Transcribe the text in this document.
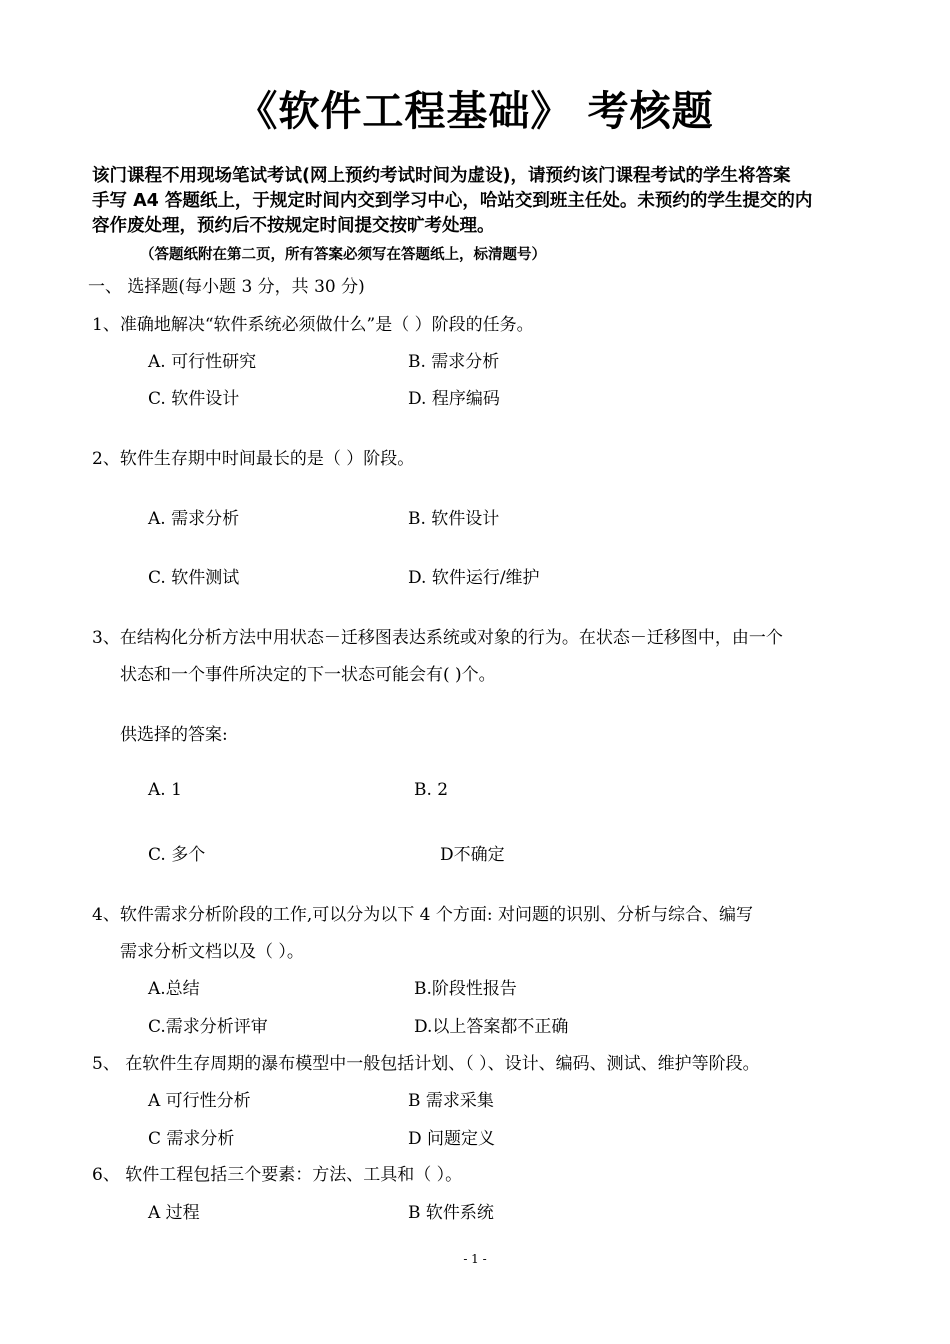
《软件工程基础》 考核题
该门课程不用现场笔试考试(网上预约考试时间为虚设)，请预约该门课程考试的学生将答案
手写 A4 答题纸上，于规定时间内交到学习中心，哈站交到班主任处。未预约的学生提交的内
容作废处理，预约后不按规定时间提交按旷考处理。
（答题纸附在第二页，所有答案必须写在答题纸上，标清题号）
一、 选择题(每小题 3 分，共 30 分)
1、准确地解决“软件系统必须做什么”是（ ）阶段的任务。
A. 可行性研究	B. 需求分析
C. 软件设计	D. 程序编码
2、软件生存期中时间最长的是（ ）阶段。
A. 需求分析	B. 软件设计
C. 软件测试	D. 软件运行/维护
3、在结构化分析方法中用状态－迁移图表达系统或对象的行为。在状态－迁移图中，由一个
状态和一个事件所决定的下一状态可能会有( )个。
供选择的答案:
A. 1	B. 2
C. 多个	D不确定
4、软件需求分析阶段的工作,可以分为以下 4 个方面: 对问题的识别、分析与综合、编写
需求分析文档以及（ ）。
A.总结	B.阶段性报告
C.需求分析评审	D.以上答案都不正确
5、 在软件生存周期的瀑布模型中一般包括计划、（ ）、设计、编码、测试、维护等阶段。
A 可行性分析	B 需求采集
C 需求分析	D 问题定义
6、 软件工程包括三个要素：方法、工具和（ ）。
A 过程	B 软件系统
- 1 -
